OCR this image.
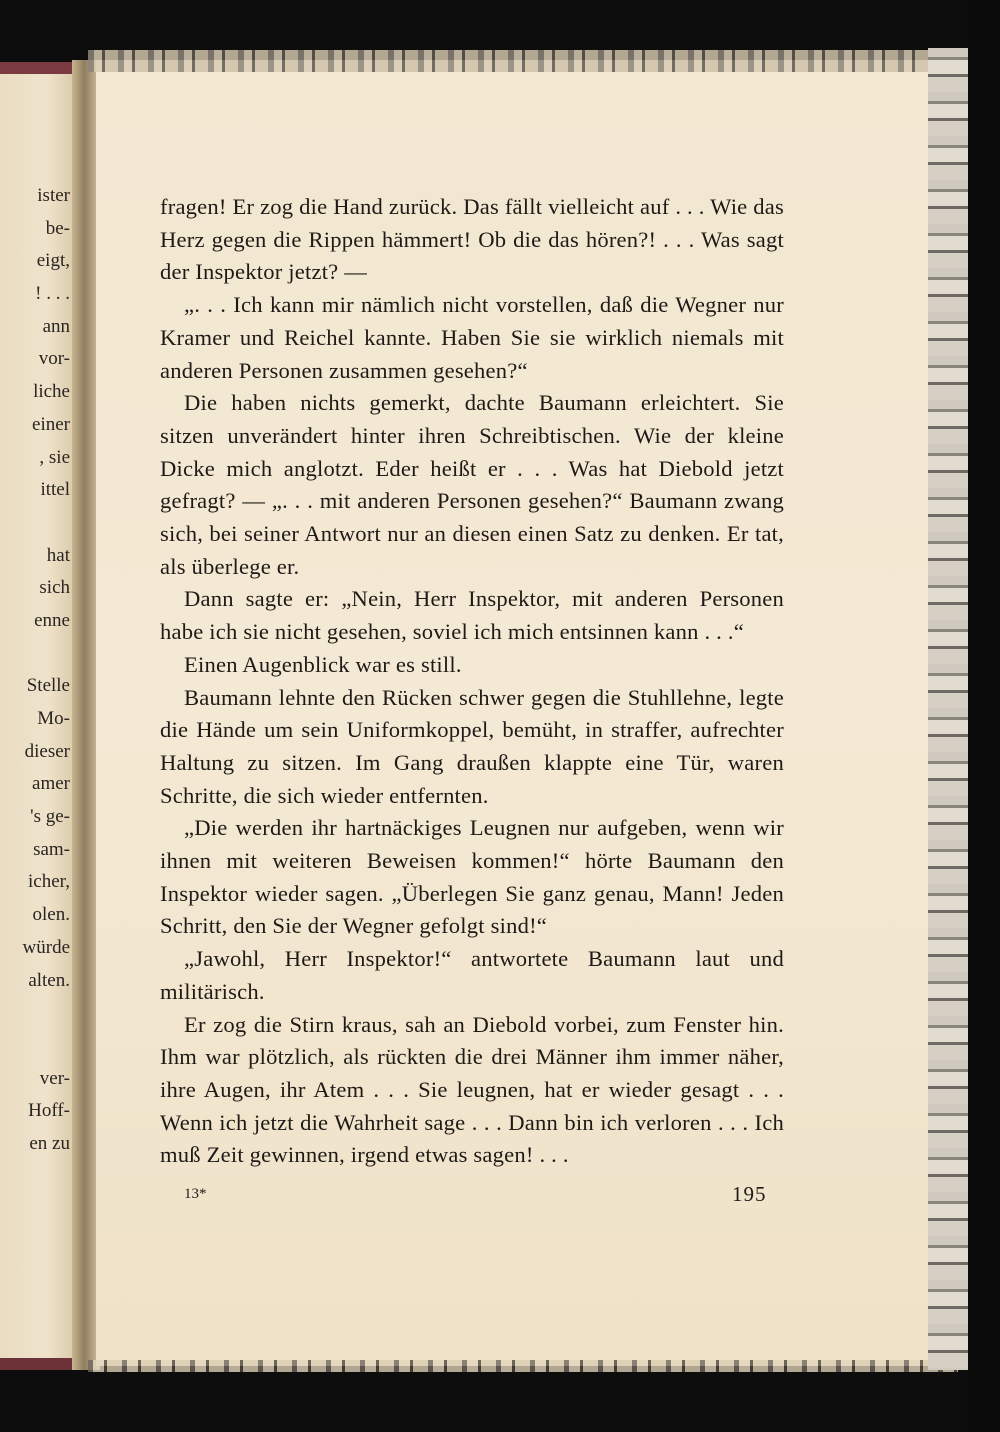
ister
be-
eigt,
! . . .
ann
vor-
liche
einer
, sie
ittel
hat
sich
enne
Stelle
Mo-
dieser
amer
's ge-
sam-
icher,
olen.
würde
alten.
ver-
Hoff-
en zu

fragen! Er zog die Hand zurück. Das fällt vielleicht auf . . . Wie das Herz gegen die Rippen hämmert! Ob die das hören?! . . . Was sagt der Inspektor jetzt? —

„. . . Ich kann mir nämlich nicht vorstellen, daß die Wegner nur Kramer und Reichel kannte. Haben Sie sie wirklich niemals mit anderen Personen zusammen gesehen?“

Die haben nichts gemerkt, dachte Baumann erleichtert. Sie sitzen unverändert hinter ihren Schreibtischen. Wie der kleine Dicke mich anglotzt. Eder heißt er . . . Was hat Diebold jetzt gefragt? — „. . . mit anderen Personen gesehen?“ Baumann zwang sich, bei seiner Antwort nur an diesen einen Satz zu denken. Er tat, als überlege er.

Dann sagte er: „Nein, Herr Inspektor, mit anderen Personen habe ich sie nicht gesehen, soviel ich mich entsinnen kann . . .“

Einen Augenblick war es still.

Baumann lehnte den Rücken schwer gegen die Stuhllehne, legte die Hände um sein Uniformkoppel, bemüht, in straffer, aufrechter Haltung zu sitzen. Im Gang draußen klappte eine Tür, waren Schritte, die sich wieder entfernten.

„Die werden ihr hartnäckiges Leugnen nur aufgeben, wenn wir ihnen mit weiteren Beweisen kommen!“ hörte Baumann den Inspektor wieder sagen. „Überlegen Sie ganz genau, Mann! Jeden Schritt, den Sie der Wegner gefolgt sind!“

„Jawohl, Herr Inspektor!“ antwortete Baumann laut und militärisch.

Er zog die Stirn kraus, sah an Diebold vorbei, zum Fenster hin. Ihm war plötzlich, als rückten die drei Männer ihm immer näher, ihre Augen, ihr Atem . . . Sie leugnen, hat er wieder gesagt . . . Wenn ich jetzt die Wahrheit sage . . . Dann bin ich verloren . . . Ich muß Zeit gewinnen, irgend etwas sagen! . . .

13*	195
